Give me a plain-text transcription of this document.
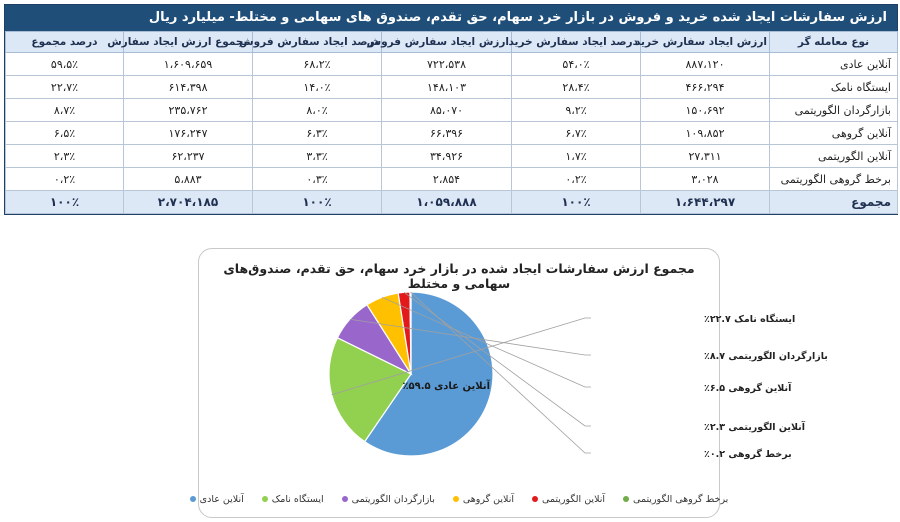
ارزش سفارشات ایجاد شده خرید و فروش در بازار خرد سهام، حق تقدم، صندوق های سهامی و مختلط- میلیارد ریال
نوع معامله گر	ارزش ایجاد سفارش خرید	درصد ایجاد سفارش خرید	ارزش ایجاد سفارش فروش	درصد ایجاد سفارش فروش	مجموع ارزش ایجاد سفارش	درصد مجموع
آنلاین عادی	۸۸۷،۱۲۰	۵۴،۰٪	۷۲۲،۵۳۸	۶۸،۲٪	۱،۶۰۹،۶۵۹	۵۹،۵٪
ایستگاه نامک	۴۶۶،۲۹۴	۲۸،۴٪	۱۴۸،۱۰۳	۱۴،۰٪	۶۱۴،۳۹۸	۲۲،۷٪
بازارگردان الگوریتمی	۱۵۰،۶۹۲	۹،۲٪	۸۵،۰۷۰	۸،۰٪	۲۳۵،۷۶۲	۸،۷٪
آنلاین گروهی	۱۰۹،۸۵۲	۶،۷٪	۶۶،۳۹۶	۶،۳٪	۱۷۶،۲۴۷	۶،۵٪
آنلاین الگوریتمی	۲۷،۳۱۱	۱،۷٪	۳۴،۹۲۶	۳،۳٪	۶۲،۲۳۷	۲،۳٪
برخط گروهی الگوریتمی	۳،۰۲۸	۰،۲٪	۲،۸۵۴	۰،۳٪	۵،۸۸۳	۰،۲٪
مجموع	۱،۶۴۴،۲۹۷	۱۰۰٪	۱،۰۵۹،۸۸۸	۱۰۰٪	۲،۷۰۴،۱۸۵	۱۰۰٪
مجموع ارزش سفارشات ایجاد شده در بازار خرد سهام، حق تقدم، صندوق‌های سهامی و مختلط
آنلاین عادی ۵۹.۵٪
ایستگاه نامک ۲۲.۷٪
بازارگردان الگوریتمی ۸.۷٪
آنلاین گروهی ۶.۵٪
آنلاین الگوریتمی ۲.۳٪
برخط گروهی ۰.۲٪
آنلاین عادی	ایستگاه نامک	بازارگردان الگوریتمی	آنلاین گروهی	آنلاین الگوریتمی	برخط گروهی الگوریتمی
